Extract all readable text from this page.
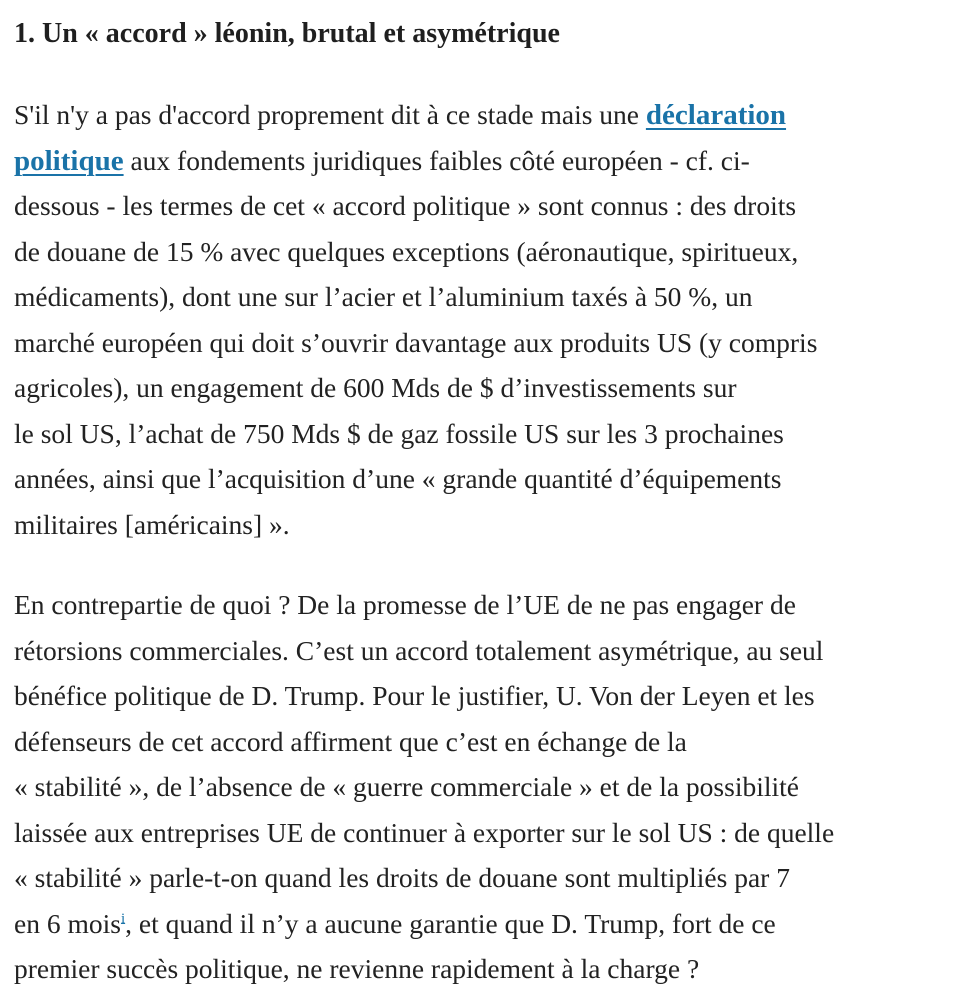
1. Un « accord » léonin, brutal et asymétrique

S'il n'y a pas d'accord proprement dit à ce stade mais une déclaration
politique aux fondements juridiques faibles côté européen - cf. ci-
dessous - les termes de cet « accord politique » sont connus : des droits
de douane de 15 % avec quelques exceptions (aéronautique, spiritueux,
médicaments), dont une sur l’acier et l’aluminium taxés à 50 %, un
marché européen qui doit s’ouvrir davantage aux produits US (y compris
agricoles), un engagement de 600 Mds de $ d’investissements sur
le sol US, l’achat de 750 Mds $ de gaz fossile US sur les 3 prochaines
années, ainsi que l’acquisition d’une « grande quantité d’équipements
militaires [américains] ».

En contrepartie de quoi ? De la promesse de l’UE de ne pas engager de
rétorsions commerciales. C’est un accord totalement asymétrique, au seul
bénéfice politique de D. Trump. Pour le justifier, U. Von der Leyen et les
défenseurs de cet accord affirment que c’est en échange de la
« stabilité », de l’absence de « guerre commerciale » et de la possibilité
laissée aux entreprises UE de continuer à exporter sur le sol US : de quelle
« stabilité » parle-t-on quand les droits de douane sont multipliés par 7
en 6 mois$^i$, et quand il n’y a aucune garantie que D. Trump, fort de ce
premier succès politique, ne revienne rapidement à la charge ?
